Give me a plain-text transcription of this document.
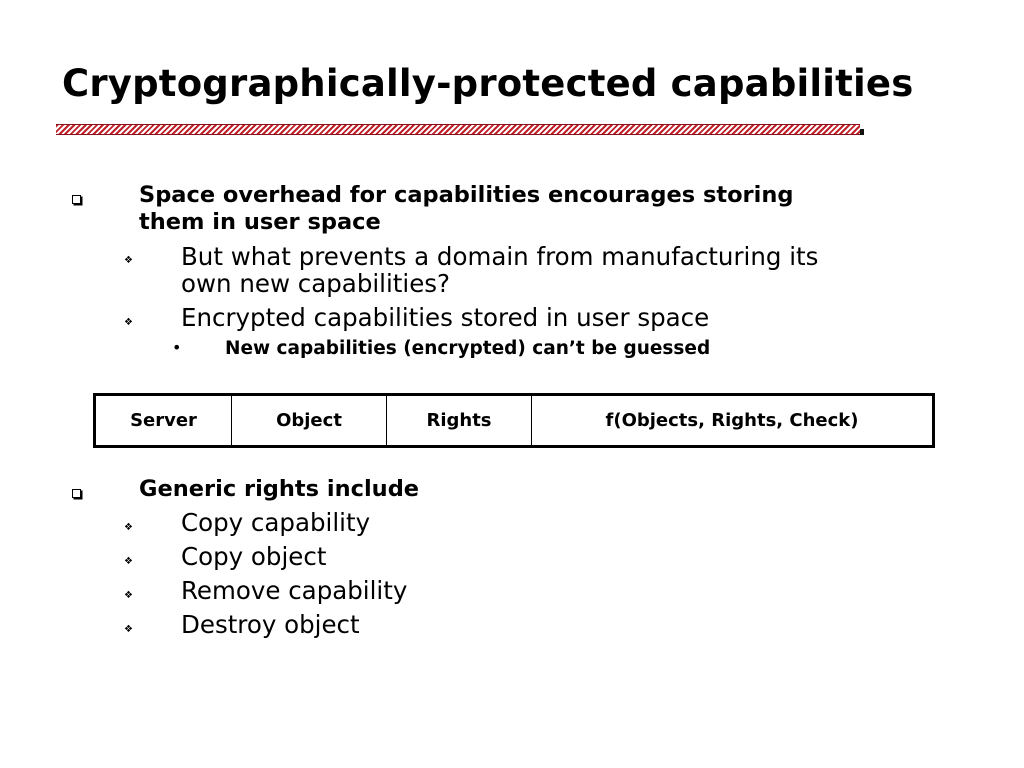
Cryptographically-protected capabilities
Space overhead for capabilities encourages storing
them in user space
❖ But what prevents a domain from manufacturing its
own new capabilities?
❖ Encrypted capabilities stored in user space
• New capabilities (encrypted) can’t be guessed
Server	Object	Rights	f(Objects, Rights, Check)
Generic rights include
❖ Copy capability
❖ Copy object
❖ Remove capability
❖ Destroy object
